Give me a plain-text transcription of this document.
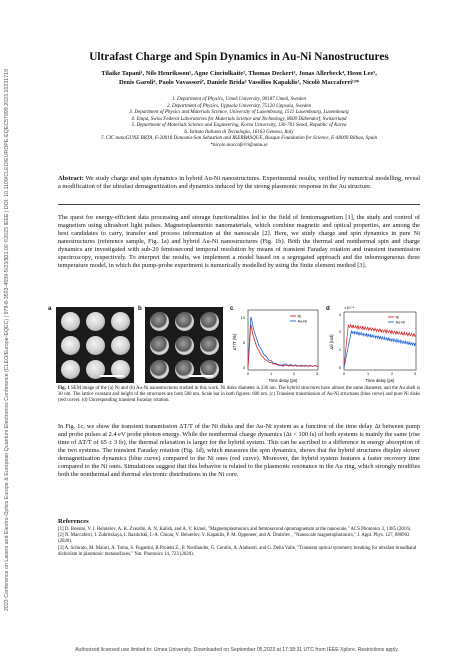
2023 Conference on Lasers and Electro-Optics Europe & European Quantum Electronics Conference (CLEO/Europe-EQEC) | 979-8-3503-4599-5/23/$31.00 ©2023 IEEE | DOI: 10.1109/CLEO/EUROPE-EQEC57999.2023.10231719
Ultrafast Charge and Spin Dynamics in Au-Ni Nanostructures
Tilaike Tapani¹, Nils Henriksson¹, Agne Ciuciulkaite², Thomas Deckert³, Jonas Allerbeck⁴, Heon Lee⁵,
Denis Garoli⁶, Paolo Vavassori⁷, Daniele Brida³ Vassilios Kapaklis², Nicolò Maccaferri¹³*
1. Department of Physics, Umeå University, 90187 Umeå, Sweden
2. Department of Physics, Uppsala University, 75120 Uppsala, Sweden
3. Department of Physics and Materials Science, University of Luxembourg, 1511 Luxembourg, Luxembourg
4. Empa, Swiss Federal Laboratories for Materials Science and Technology, 8600 Dübendorf, Switzerland
5. Department of Materials Science and Engineering, Korea University, 136-701 Seoul, Republic of Korea
6. Istituto Italiano di Tecnologia, 16163 Genova, Italy
7. CIC nanoGUNE BRTA, E-20018 Donostia-San Sebastian and IKERBASQUE, Basque Foundation for Science, E-48009 Bilbao, Spain
*nicolo.maccaferri@umu.se
Abstract: We study charge and spin dynamics in hybrid Au-Ni nanostructures. Experimental results, verified by numerical modelling, reveal a modification of the ultrafast demagnetization and dynamics induced by the strong plasmonic response in the Au structure.
The quest for energy-efficient data processing and storage functionalities led to the field of femtomagnetism [1], the study and control of magnetism using ultrashort light pulses. Magnetoplasmonic nanomaterials, which combine magnetic and optical properties, are among the best candidates to carry, transfer and process information at the nanoscale [2]. Here, we study charge and spin dynamics in pure Ni nanostructures (reference sample, Fig. 1a) and hybrid Au-Ni nanostructures (Fig. 1b). Both the thermal and nonthermal spin and charge dynamics are investigated with sub-20 femtosecond temporal resolution by means of transient Faraday rotation and transient transmission spectroscopy, respectively. To interpret the results, we implement a model based on a segregated approach and the inhomogeneous three temperature model, in which the pump-probe experiment is numerically modelled by using the finite element method [3].
a	b	c
ΔT/T (%)
Time delay (ps)
0	1	2	3
0
5
10	Ni
Au-Ni
d	×10⁻⁴
Δθ (rad)
Time delay (ps)
0	1	2	3
0
1
2
3
Ni
Au-Ni
Fig. 1 SEM image of the (a) Ni and (b) Au-Ni nanostructures studied in this work. Ni disks diameter is 330 nm. The hybrid structures have almost the same diameter, and the Au shell is 30 nm. The lattice constant and height of the structures are both 500 nm. Scale bar in both figures: 600 nm. (c) Transient transmission of Au-Ni structures (blue curve) and pure Ni disks (red curve). (d) Corresponding transient Faraday rotation.
In Fig. 1c, we show the transient transmission ΔT/T of the Ni disks and the Au-Ni system as a function of the time delay Δt between pump and probe pulses at 2.4 eV probe photon energy. While the nonthermal charge dynamics (Δt < 100 fs) of both systems is mainly the same (rise time of ΔT/T of 65 ± 3 fs), the thermal relaxation is larger for the hybrid system. This can be ascribed to a difference in energy absorption of the two systems. The transient Faraday rotation (Fig. 1d), which measures the spin dynamics, shows that the hybrid structures display slower demagnetization dynamics (blue curve) compared to the Ni ones (red curve). Moreover, the hybrid system features a faster recovery time compared to the Ni ones. Simulations suggest that this behavior is related to the plasmonic resonance in the Au ring, which strongly modifies both the nonthermal and thermal electronic distributions in the Ni core.
References

[1] D. Bossini, V. I. Belotelov, A. K. Zvezdin, A. N. Kalish, and A. V. Kimel, "Magnetoplasmonics and femtosecond optomagnetism at the nanoscale," ACS Photonics 3, 1385 (2016).

[2] N. Maccaferri, I. Zubritskaya, I. Razdolski, I.-A. Chioar, V. Belotelov, V. Kapaklis, P. M. Oppeneer, and A. Dmitriev , "Nanoscale magnetophotonics," J. Appl. Phys. 127, 080903 (2020).

[3] A. Schirato, M. Maiuri, A. Toma, S. Fugattini, R.Proietti Z., P. Nordlander, G. Cerullo, A. Alabastri, and G. Della Valle, "Transient optical symmetry breaking for ultrafast broadband dichroism in plasmonic metasurfaces," Nat. Photonics 14, 723 (2020).

Authorized licensed use limited to: Umea University. Downloaded on September 05,2023 at 17:38:31 UTC from IEEE Xplore. Restrictions apply.
